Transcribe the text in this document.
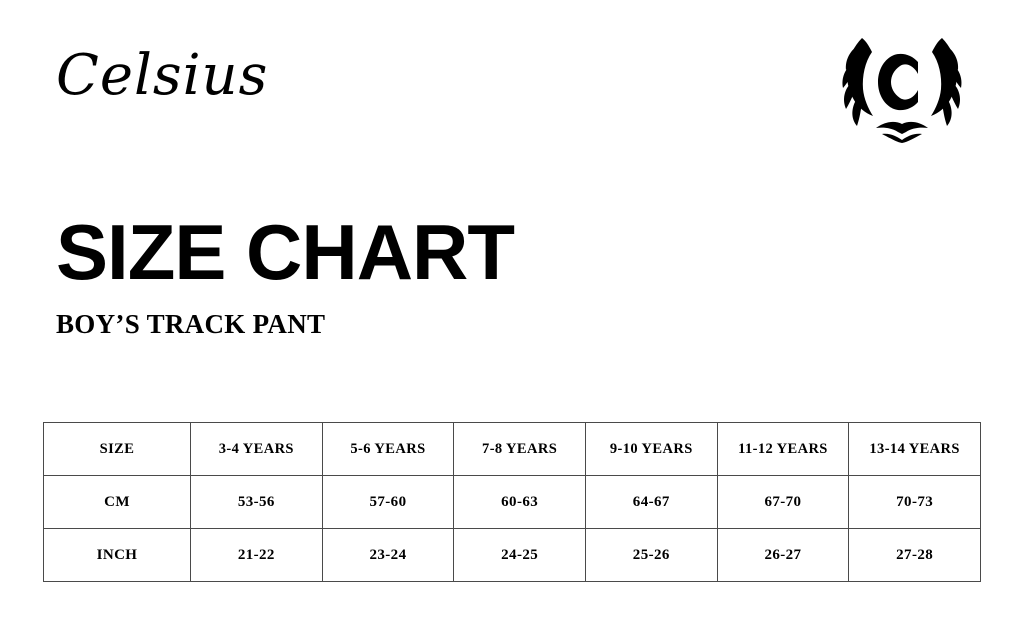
Celsius
SIZE CHART
BOY’S TRACK PANT
SIZE	3-4 YEARS	5-6 YEARS	7-8 YEARS	9-10 YEARS	11-12 YEARS	13-14 YEARS
CM	53-56	57-60	60-63	64-67	67-70	70-73
INCH	21-22	23-24	24-25	25-26	26-27	27-28
